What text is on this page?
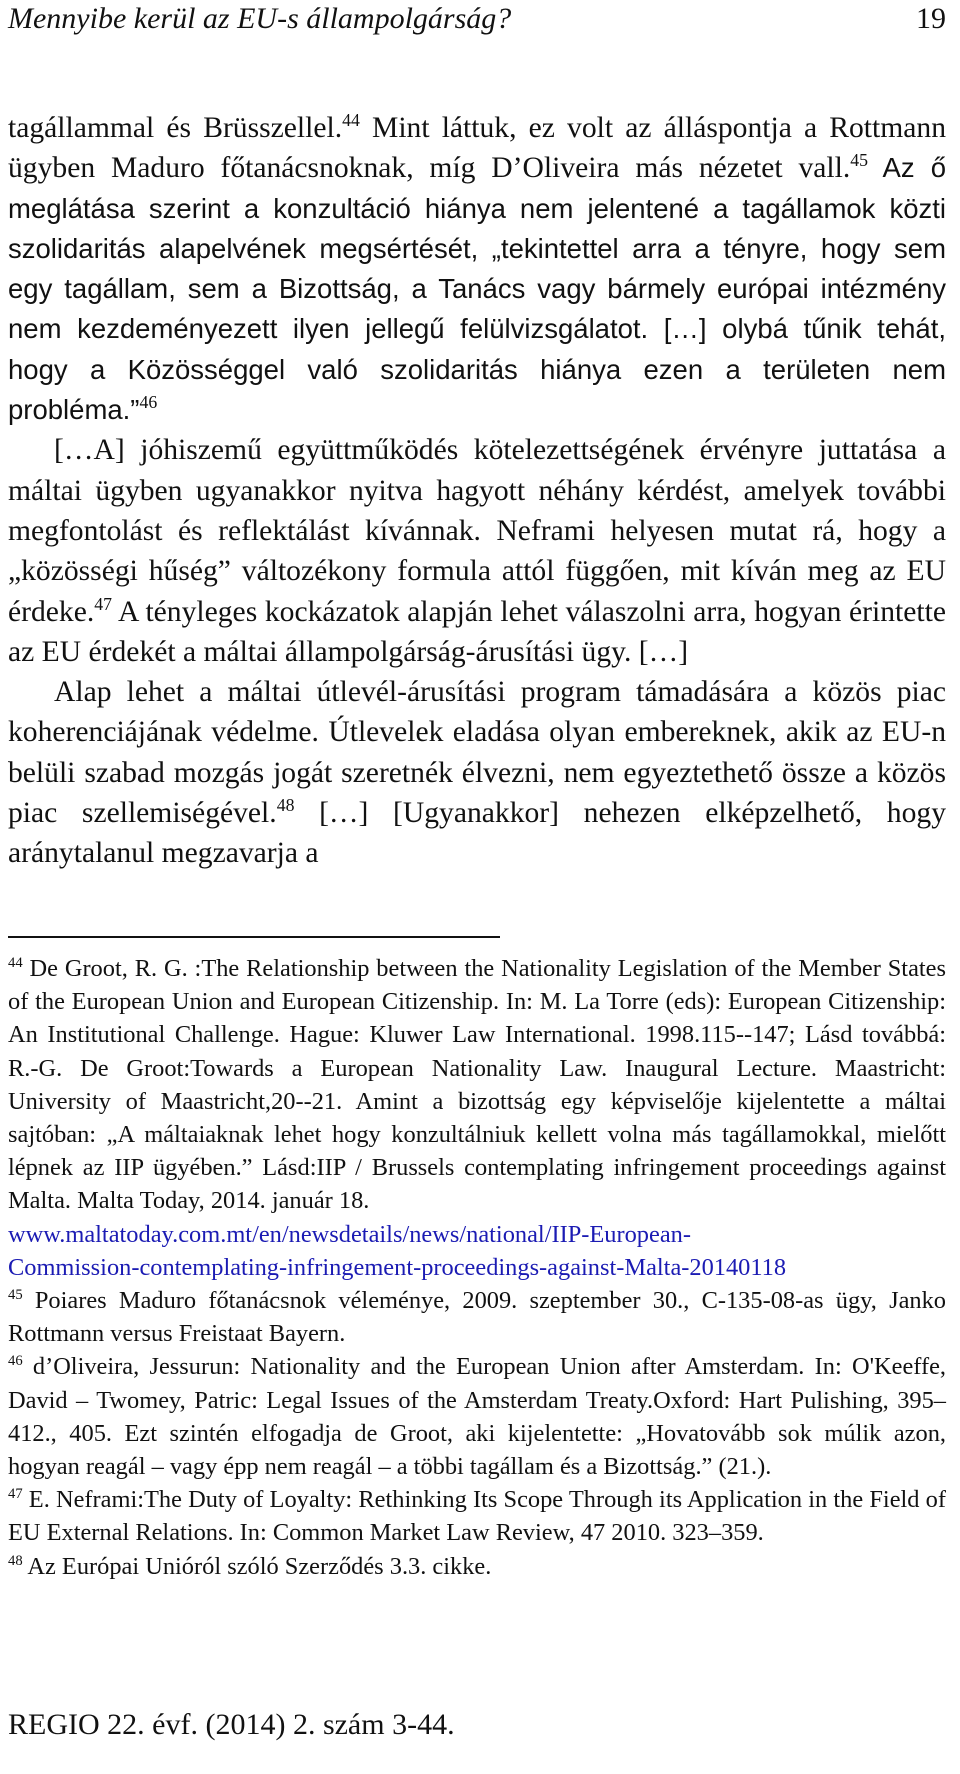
Mennyibe kerül az EU-s állampolgárság?	19

tagállammal és Brüsszellel.$^{44}$ Mint láttuk, ez volt az álláspontja a Rottmann ügyben Maduro főtanácsnoknak, míg D’Oliveira más nézetet vall.$^{45}$ Az ő meglátása szerint a konzultáció hiánya nem jelentené a tagállamok közti szolidaritás alapelvének megsértését, „tekintettel arra a tényre, hogy sem egy tagállam, sem a Bizottság, a Tanács vagy bármely európai intézmény nem kezdeményezett ilyen jellegű felülvizsgálatot. […] olybá tűnik tehát, hogy a Közösséggel való szolidaritás hiánya ezen a területen nem probléma.”$^{46}$

[…A] jóhiszemű együttműködés kötelezettségének érvényre juttatása a máltai ügyben ugyanakkor nyitva hagyott néhány kérdést, amelyek további megfontolást és reflektálást kívánnak. Neframi helyesen mutat rá, hogy a „közösségi hűség” változékony formula attól függően, mit kíván meg az EU érdeke.$^{47}$ A tényleges kockázatok alapján lehet válaszolni arra, hogyan érintette az EU érdekét a máltai állampolgárság-árusítási ügy. […]

Alap lehet a máltai útlevél-árusítási program támadására a közös piac koherenciájának védelme. Útlevelek eladása olyan embereknek, akik az EU-n belüli szabad mozgás jogát szeretnék élvezni, nem egyeztethető össze a közös piac szellemiségével.$^{48}$ […] [Ugyanakkor] nehezen elképzelhető, hogy aránytalanul megzavarja a

$^{44}$ De Groot, R. G. :The Relationship between the Nationality Legislation of the Member States of the European Union and European Citizenship. In: M. La Torre (eds): European Citizenship: An Institutional Challenge. Hague: Kluwer Law International. 1998.115--147; Lásd továbbá: R.-G. De Groot:Towards a European Nationality Law. Inaugural Lecture. Maastricht: University of Maastricht,20--21. Amint a bizottság egy képviselője kijelentette a máltai sajtóban: „A máltaiaknak lehet hogy konzultálniuk kellett volna más tagállamokkal, mielőtt lépnek az IIP ügyében.” Lásd:IIP / Brussels contemplating infringement proceedings against Malta. Malta Today, 2014. január 18.
www.maltatoday.com.mt/en/newsdetails/news/national/IIP-European-
Commission-contemplating-infringement-proceedings-against-Malta-20140118

$^{45}$ Poiares Maduro főtanácsnok véleménye, 2009. szeptember 30., C-135-08-as ügy, Janko Rottmann versus Freistaat Bayern.

$^{46}$ d’Oliveira, Jessurun: Nationality and the European Union after Amsterdam. In: O'Keeffe, David – Twomey, Patric: Legal Issues of the Amsterdam Treaty.Oxford: Hart Pulishing, 395–412., 405. Ezt szintén elfogadja de Groot, aki kijelentette: „Hovatovább sok múlik azon, hogyan reagál – vagy épp nem reagál – a többi tagállam és a Bizottság.” (21.).

$^{47}$ E. Neframi:The Duty of Loyalty: Rethinking Its Scope Through its Application in the Field of EU External Relations. In: Common Market Law Review, 47 2010. 323–359.

$^{48}$ Az Európai Unióról szóló Szerződés 3.3. cikke.

REGIO 22. évf. (2014) 2. szám 3-44.
